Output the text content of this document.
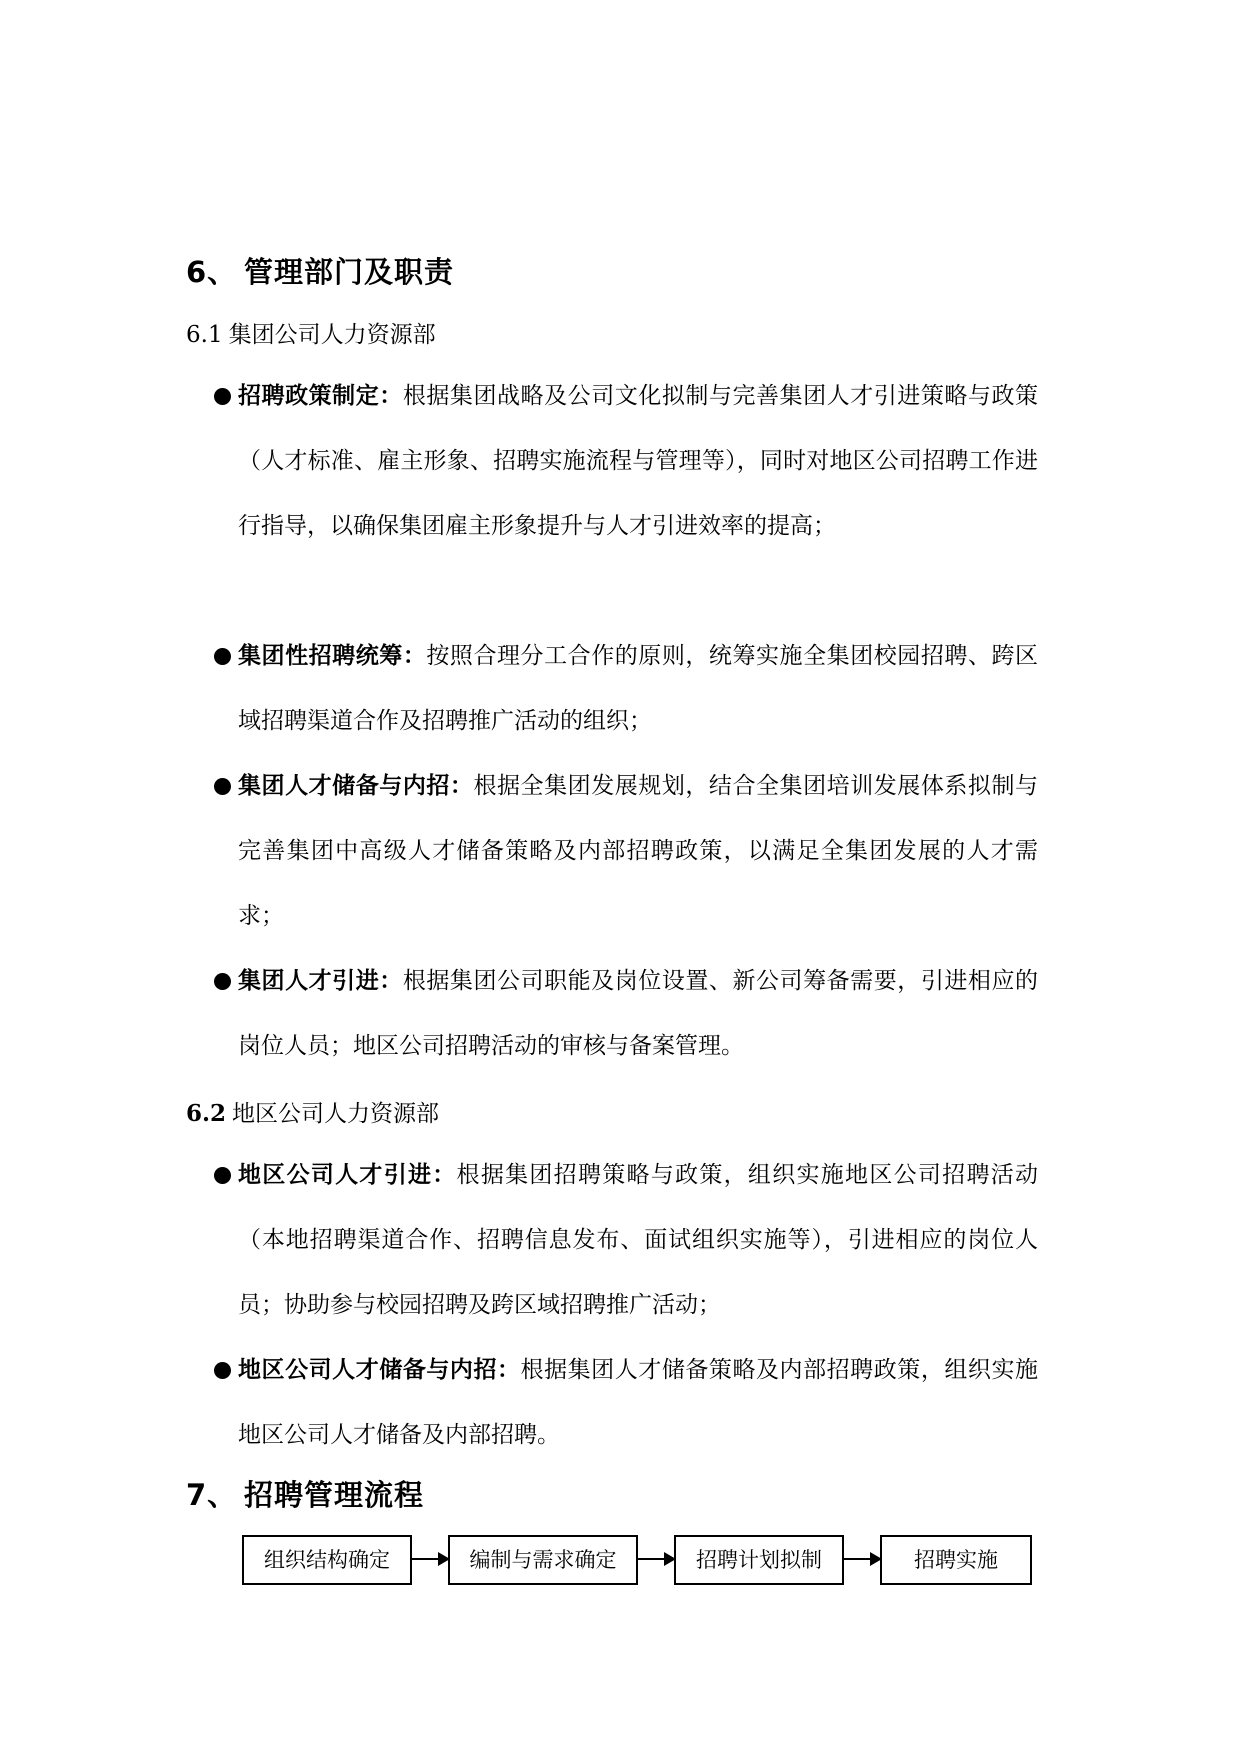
6、 管理部门及职责
6.1 集团公司人力资源部
招聘政策制定：根据集团战略及公司文化拟制与完善集团人才引进策略与政策（人才标准、雇主形象、招聘实施流程与管理等），同时对地区公司招聘工作进行指导，以确保集团雇主形象提升与人才引进效率的提高；
集团性招聘统筹：按照合理分工合作的原则，统筹实施全集团校园招聘、跨区域招聘渠道合作及招聘推广活动的组织；
集团人才储备与内招：根据全集团发展规划，结合全集团培训发展体系拟制与完善集团中高级人才储备策略及内部招聘政策，以满足全集团发展的人才需求；
集团人才引进：根据集团公司职能及岗位设置、新公司筹备需要，引进相应的岗位人员；地区公司招聘活动的审核与备案管理。
6.2 地区公司人力资源部
地区公司人才引进：根据集团招聘策略与政策，组织实施地区公司招聘活动（本地招聘渠道合作、招聘信息发布、面试组织实施等），引进相应的岗位人员；协助参与校园招聘及跨区域招聘推广活动；
地区公司人才储备与内招：根据集团人才储备策略及内部招聘政策，组织实施地区公司人才储备及内部招聘。
7、 招聘管理流程
组织结构确定	编制与需求确定	招聘计划拟制	招聘实施
